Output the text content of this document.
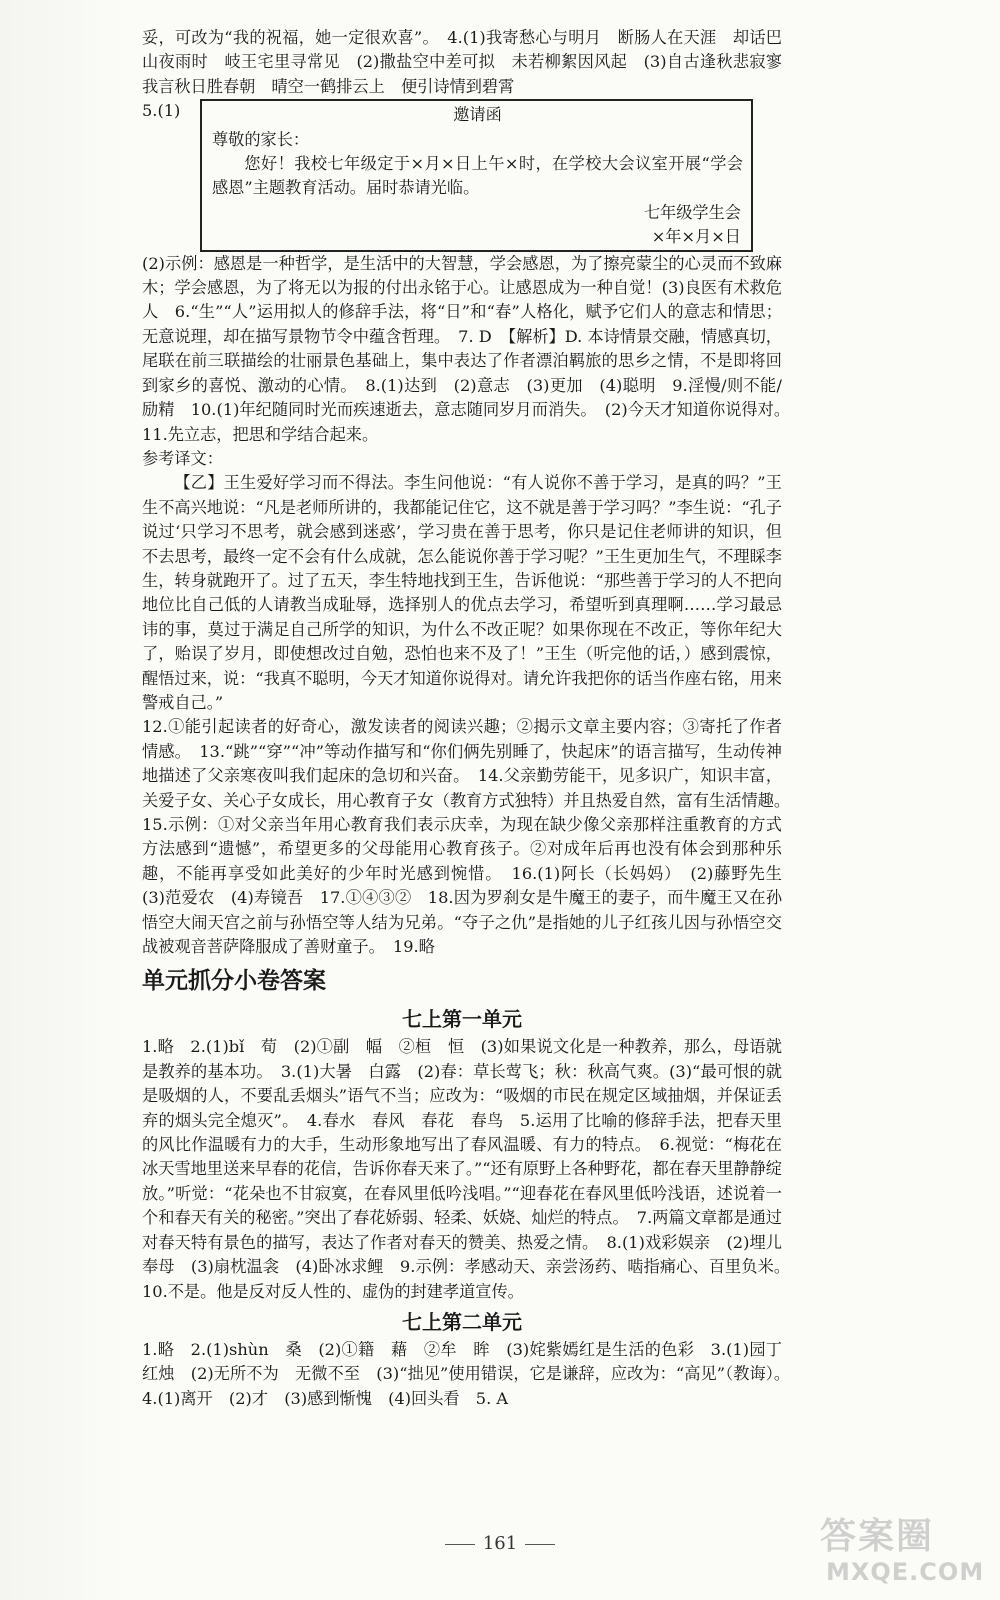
妥，可改为“我的祝福，她一定很欢喜”。　4.(1)我寄愁心与明月　断肠人在天涯　却话巴山夜雨时　岐王宅里寻常见　(2)撒盐空中差可拟　未若柳絮因风起　(3)自古逢秋悲寂寥　我言秋日胜春朝　晴空一鹤排云上　便引诗情到碧霄

5.(1)	邀请函

尊敬的家长：

您好！我校七年级定于×月×日上午×时，在学校大会议室开展“学会感恩”主题教育活动。届时恭请光临。

七年级学生会

×年×月×日

(2)示例：感恩是一种哲学，是生活中的大智慧，学会感恩，为了擦亮蒙尘的心灵而不致麻木；学会感恩，为了将无以为报的付出永铭于心。让感恩成为一种自觉！(3)良医有术救危人　6.“生”“人”运用拟人的修辞手法，将“日”和“春”人格化，赋予它们人的意志和情思；无意说理，却在描写景物节令中蕴含哲理。　7. D　【解析】D. 本诗情景交融，情感真切，尾联在前三联描绘的壮丽景色基础上，集中表达了作者漂泊羁旅的思乡之情，不是即将回到家乡的喜悦、激动的心情。　8.(1)达到　(2)意志　(3)更加　(4)聪明　9.淫慢/则不能/励精　10.(1)年纪随同时光而疾速逝去，意志随同岁月而消失。　(2)今天才知道你说得对。　11.先立志，把思和学结合起来。

参考译文：

【乙】王生爱好学习而不得法。李生问他说：“有人说你不善于学习，是真的吗？”王生不高兴地说：“凡是老师所讲的，我都能记住它，这不就是善于学习吗？”李生说：“孔子说过‘只学习不思考，就会感到迷惑’，学习贵在善于思考，你只是记住老师讲的知识，但不去思考，最终一定不会有什么成就，怎么能说你善于学习呢？”王生更加生气，不理睬李生，转身就跑开了。过了五天，李生特地找到王生，告诉他说：“那些善于学习的人不把向地位比自己低的人请教当成耻辱，选择别人的优点去学习，希望听到真理啊……学习最忌讳的事，莫过于满足自己所学的知识，为什么不改正呢？如果你现在不改正，等你年纪大了，贻误了岁月，即使想改过自勉，恐怕也来不及了！”王生（听完他的话，）感到震惊，醒悟过来，说：“我真不聪明，今天才知道你说得对。请允许我把你的话当作座右铭，用来警戒自己。”

12.①能引起读者的好奇心，激发读者的阅读兴趣；②揭示文章主要内容；③寄托了作者情感。　13.“跳”“穿”“冲”等动作描写和“你们俩先别睡了，快起床”的语言描写，生动传神地描述了父亲寒夜叫我们起床的急切和兴奋。　14.父亲勤劳能干，见多识广，知识丰富，关爱子女、关心子女成长，用心教育子女（教育方式独特）并且热爱自然，富有生活情趣。　15.示例：①对父亲当年用心教育我们表示庆幸，为现在缺少像父亲那样注重教育的方式方法感到“遗憾”，希望更多的父母能用心教育孩子。②对成年后再也没有体会到那种乐趣，不能再享受如此美好的少年时光感到惋惜。　16.(1)阿长（长妈妈）　(2)藤野先生　(3)范爱农　(4)寿镜吾　17.①④③②　18.因为罗刹女是牛魔王的妻子，而牛魔王又在孙悟空大闹天宫之前与孙悟空等人结为兄弟。“夺子之仇”是指她的儿子红孩儿因与孙悟空交战被观音菩萨降服成了善财童子。　19.略

单元抓分小卷答案
七上第一单元

1.略　2.(1)bǐ　荀　(2)①副　幅　②桓　恒　(3)如果说文化是一种教养，那么，母语就是教养的基本功。　3.(1)大暑　白露　(2)春：草长莺飞；秋：秋高气爽。(3)“最可恨的就是吸烟的人，不要乱丢烟头”语气不当；应改为：“吸烟的市民在规定区域抽烟，并保证丢弃的烟头完全熄灭”。　4.春水　春风　春花　春鸟　5.运用了比喻的修辞手法，把春天里的风比作温暖有力的大手，生动形象地写出了春风温暖、有力的特点。　6.视觉：“梅花在冰天雪地里送来早春的花信，告诉你春天来了。”“还有原野上各种野花，都在春天里静静绽放。”听觉：“花朵也不甘寂寞，在春风里低吟浅唱。”“迎春花在春风里低吟浅语，述说着一个和春天有关的秘密。”突出了春花娇弱、轻柔、妖娆、灿烂的特点。　7.两篇文章都是通过对春天特有景色的描写，表达了作者对春天的赞美、热爱之情。　8.(1)戏彩娱亲　(2)埋儿奉母　(3)扇枕温衾　(4)卧冰求鲤　9.示例：孝感动天、亲尝汤药、啮指痛心、百里负米。　10.不是。他是反对反人性的、虚伪的封建孝道宣传。

七上第二单元

1.略　2.(1)shùn　桑　(2)①籍　藉　②牟　眸　(3)姹紫嫣红是生活的色彩　3.(1)园丁　红烛　(2)无所不为　无微不至　(3)“拙见”使用错误，它是谦辞，应改为：“高见”（教诲）。　4.(1)离开　(2)才　(3)感到惭愧　(4)回头看　5. A

161	答案圈
MXQE.COM
